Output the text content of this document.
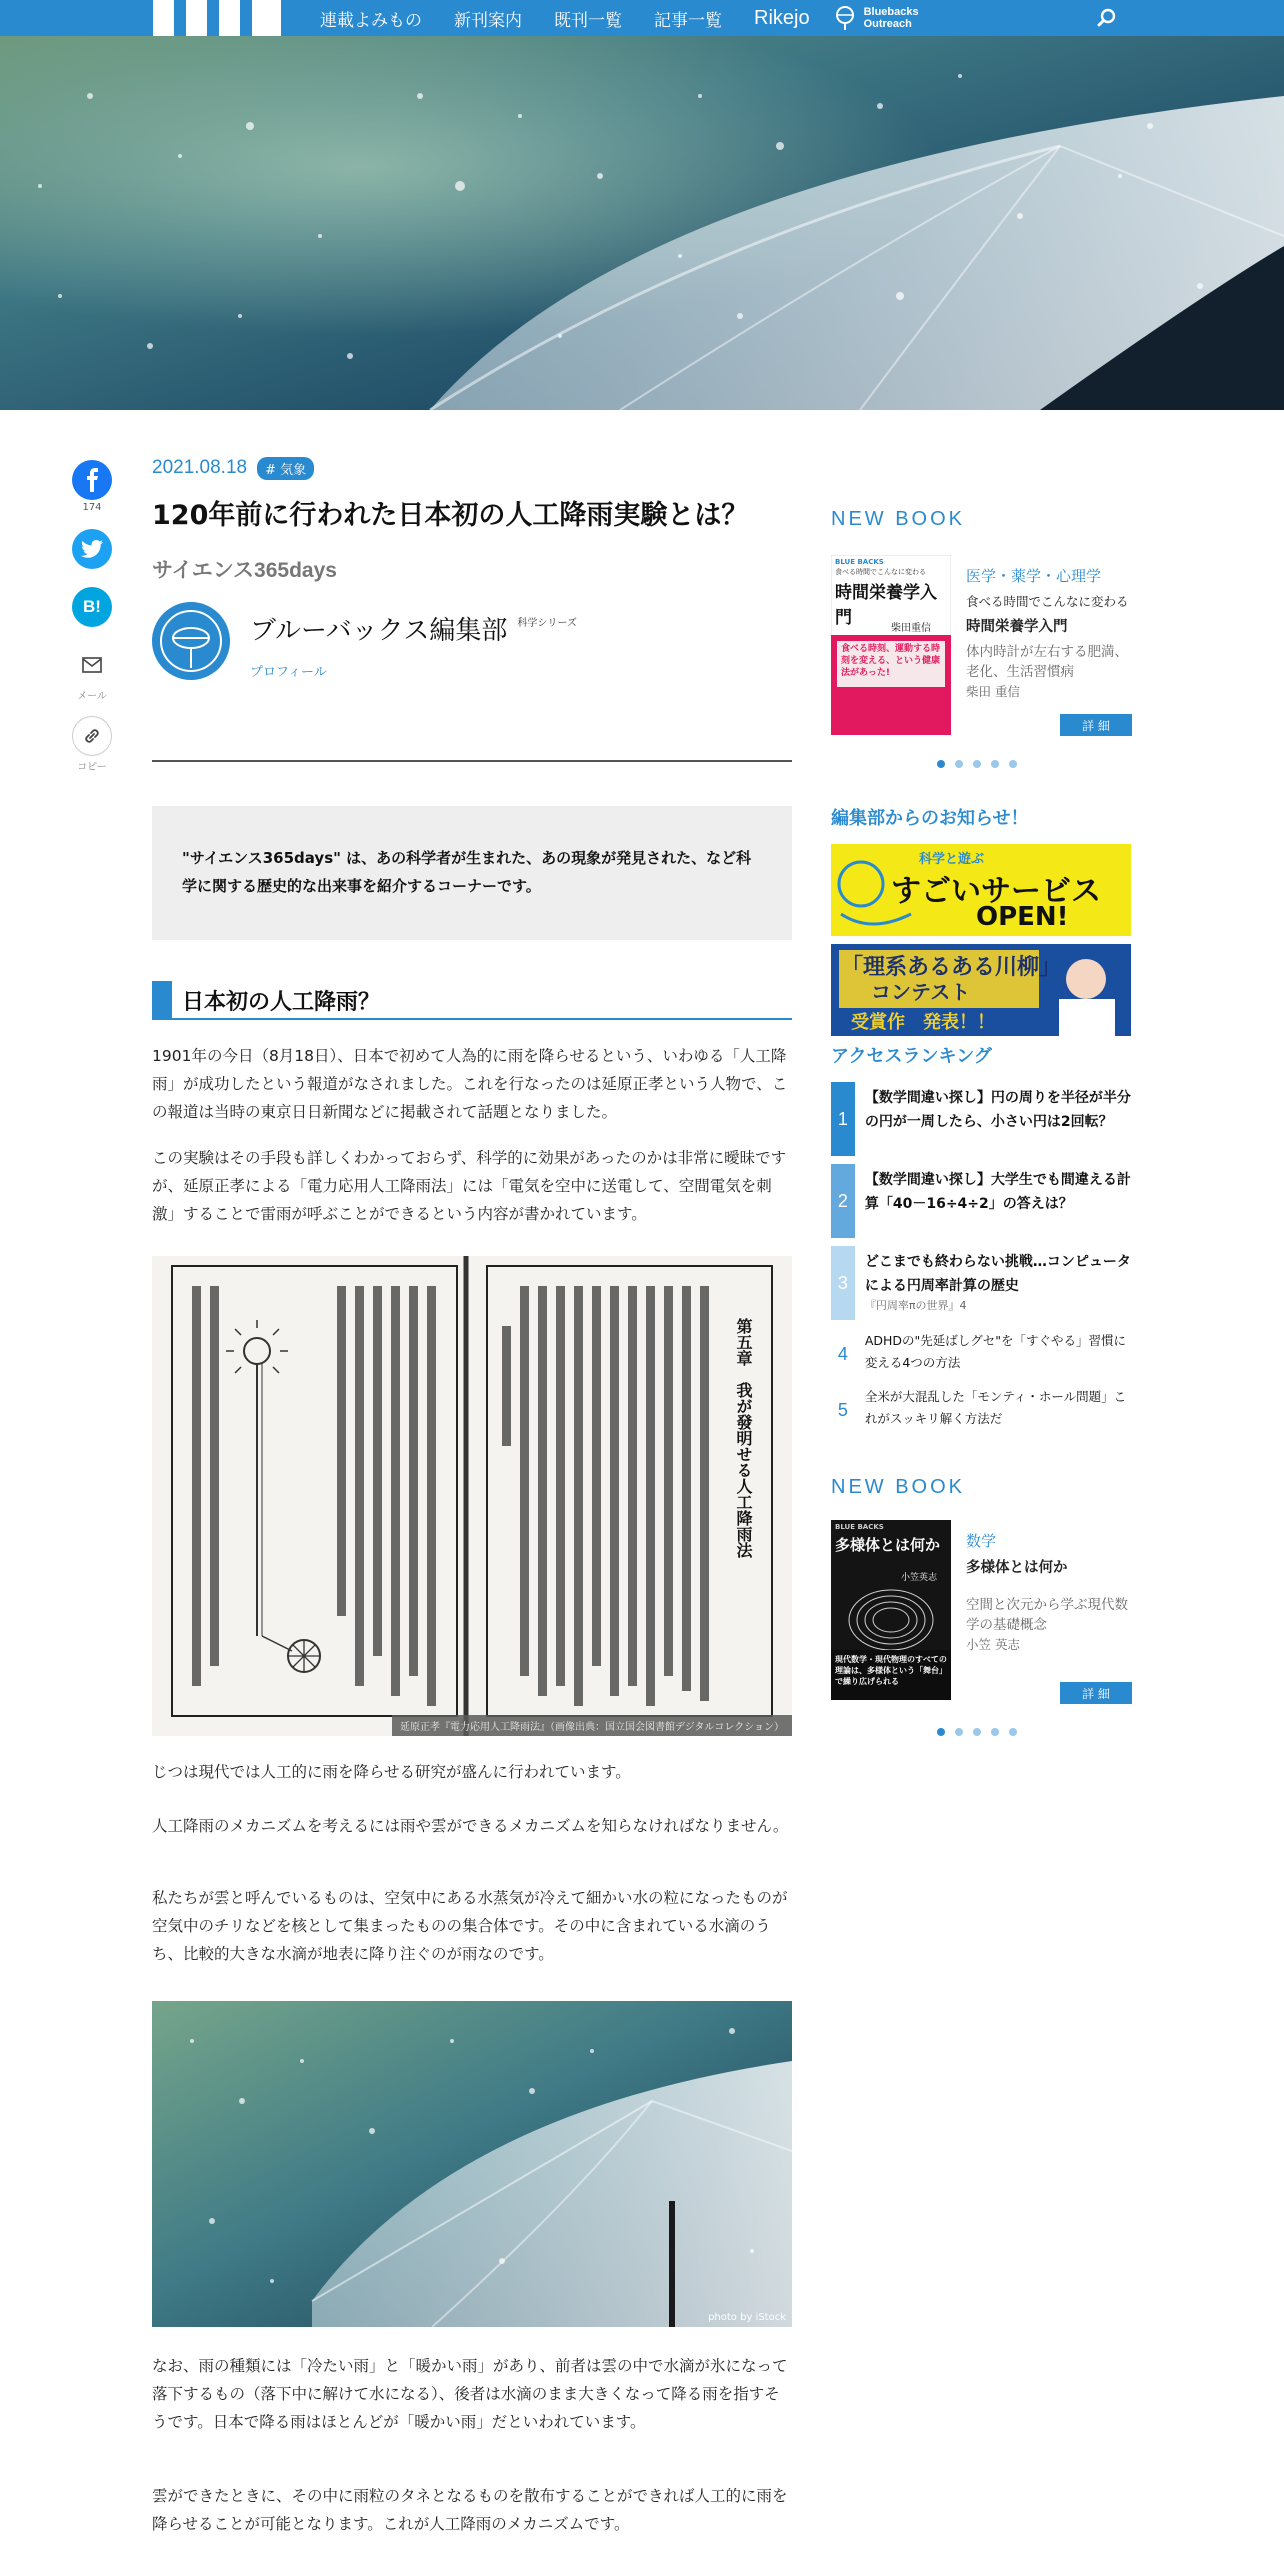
連載よみもの 新刊案内 既刊一覧 記事一覧 Rikejo	Bluebacks
Outreach
174
B!
メール
コピー
2021.08.18	# 気象
120年前に行われた日本初の人工降雨実験とは？
サイエンス365days
ブルーバックス編集部 科学シリーズ
プロフィール
"サイエンス365days" は、あの科学者が生まれた、あの現象が発見された、など科学に関する歴史的な出来事を紹介するコーナーです。
日本初の人工降雨？

1901年の今日（8月18日）、日本で初めて人為的に雨を降らせるという、いわゆる「人工降雨」が成功したという報道がなされました。これを行なったのは延原正孝という人物で、この報道は当時の東京日日新聞などに掲載されて話題となりました。

この実験はその手段も詳しくわかっておらず、科学的に効果があったのかは非常に曖昧ですが、延原正孝による「電力応用人工降雨法」には「電気を空中に送電して、空間電気を刺激」することで雷雨が呼ぶことができるという内容が書かれています。

第五章　我が發明せる人工降雨法
延原正孝『電力応用人工降雨法』（画像出典：国立国会図書館デジタルコレクション）

じつは現代では人工的に雨を降らせる研究が盛んに行われています。

人工降雨のメカニズムを考えるには雨や雲ができるメカニズムを知らなければなりません。

私たちが雲と呼んでいるものは、空気中にある水蒸気が冷えて細かい水の粒になったものが空気中のチリなどを核として集まったものの集合体です。その中に含まれている水滴のうち、比較的大きな水滴が地表に降り注ぐのが雨なのです。

photo by iStock

なお、雨の種類には「冷たい雨」と「暖かい雨」があり、前者は雲の中で水滴が氷になって落下するもの（落下中に解けて水になる）、後者は水滴のまま大きくなって降る雨を指すそうです。日本で降る雨はほとんどが「暖かい雨」だといわれています。

雲ができたときに、その中に雨粒のタネとなるものを散布することができれば人工的に雨を降らせることが可能となります。これが人工降雨のメカニズムです。

NEW BOOK
BLUE BACKS
食べる時間でこんなに変わる
時間栄養学入門
柴田重信
食べる時刻、運動する時刻を変える、という健康法があった!
医学・薬学・心理学
食べる時間でこんなに変わる
時間栄養学入門
体内時計が左右する肥満、老化、生活習慣病
柴田 重信
詳 細
編集部からのお知らせ！
科学と遊ぶ
すごいサービス
OPEN!
「理系あるある川柳」
コンテスト
受賞作　発表！！
アクセスランキング
1
【数学間違い探し】円の周りを半径が半分の円が一周したら、小さい円は2回転？
2
【数学間違い探し】大学生でも間違える計算「40－16÷4÷2」の答えは？
3
どこまでも終わらない挑戦…コンピュータによる円周率計算の歴史
『円周率πの世界』4
4
ADHDの"先延ばしグセ"を「すぐやる」習慣に変える4つの方法
5
全米が大混乱した「モンティ・ホール問題」これがスッキリ解く方法だ
NEW BOOK
BLUE BACKS
多様体とは何か
小笠英志
現代数学・現代物理のすべての理論は、多様体という「舞台」で繰り広げられる
数学
多様体とは何か
空間と次元から学ぶ現代数学の基礎概念
小笠 英志
詳 細
